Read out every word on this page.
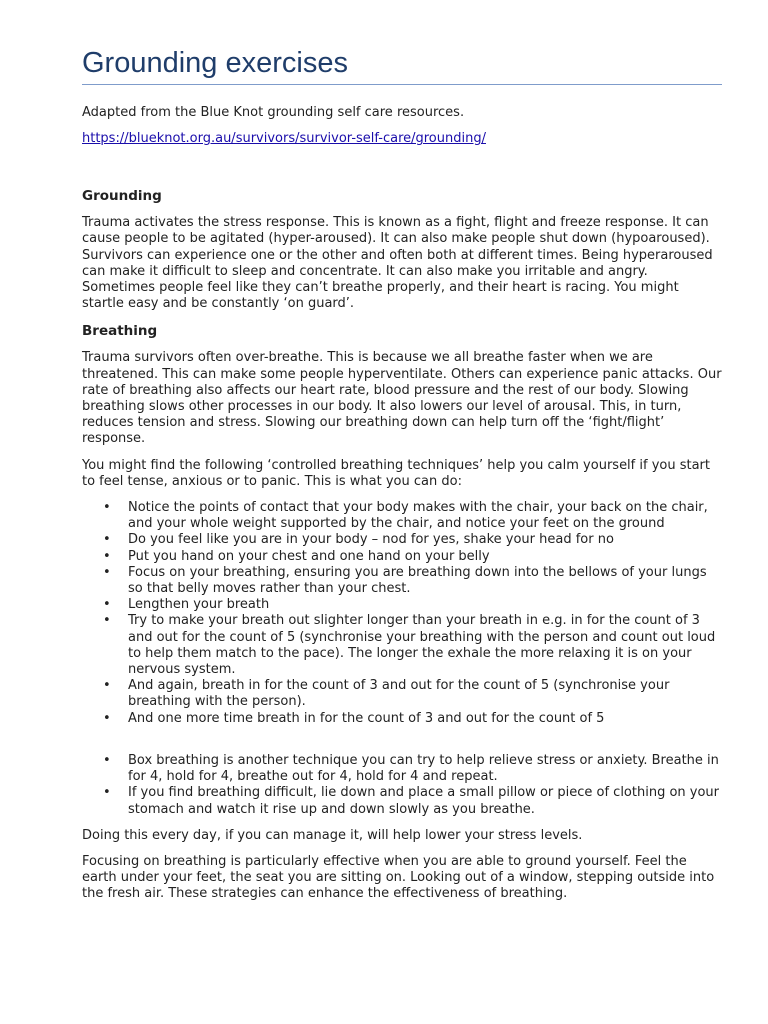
Grounding exercises

Adapted from the Blue Knot grounding self care resources.

https://blueknot.org.au/survivors/survivor-self-care/grounding/
Grounding

Trauma activates the stress response. This is known as a fight, flight and freeze response. It can cause people to be agitated (hyper-aroused). It can also make people shut down (hypoaroused). Survivors can experience one or the other and often both at different times. Being hyperaroused can make it difficult to sleep and concentrate. It can also make you irritable and angry. Sometimes people feel like they can’t breathe properly, and their heart is racing. You might startle easy and be constantly ‘on guard’.

Breathing

Trauma survivors often over-breathe. This is because we all breathe faster when we are threatened. This can make some people hyperventilate. Others can experience panic attacks. Our rate of breathing also affects our heart rate, blood pressure and the rest of our body. Slowing breathing slows other processes in our body. It also lowers our level of arousal. This, in turn, reduces tension and stress. Slowing our breathing down can help turn off the ‘fight/flight’ response.

You might find the following ‘controlled breathing techniques’ help you calm yourself if you start to feel tense, anxious or to panic. This is what you can do:

• Notice the points of contact that your body makes with the chair, your back on the chair, and your whole weight supported by the chair, and notice your feet on the ground
• Do you feel like you are in your body – nod for yes, shake your head for no
• Put you hand on your chest and one hand on your belly
• Focus on your breathing, ensuring you are breathing down into the bellows of your lungs so that belly moves rather than your chest.
• Lengthen your breath
• Try to make your breath out slighter longer than your breath in e.g. in for the count of 3 and out for the count of 5 (synchronise your breathing with the person and count out loud to help them match to the pace). The longer the exhale the more relaxing it is on your nervous system.
• And again, breath in for the count of 3 and out for the count of 5 (synchronise your breathing with the person).
• And one more time breath in for the count of 3 and out for the count of 5
• Box breathing is another technique you can try to help relieve stress or anxiety. Breathe in for 4, hold for 4, breathe out for 4, hold for 4 and repeat.
• If you find breathing difficult, lie down and place a small pillow or piece of clothing on your stomach and watch it rise up and down slowly as you breathe.

Doing this every day, if you can manage it, will help lower your stress levels.

Focusing on breathing is particularly effective when you are able to ground yourself. Feel the earth under your feet, the seat you are sitting on. Looking out of a window, stepping outside into the fresh air. These strategies can enhance the effectiveness of breathing.
